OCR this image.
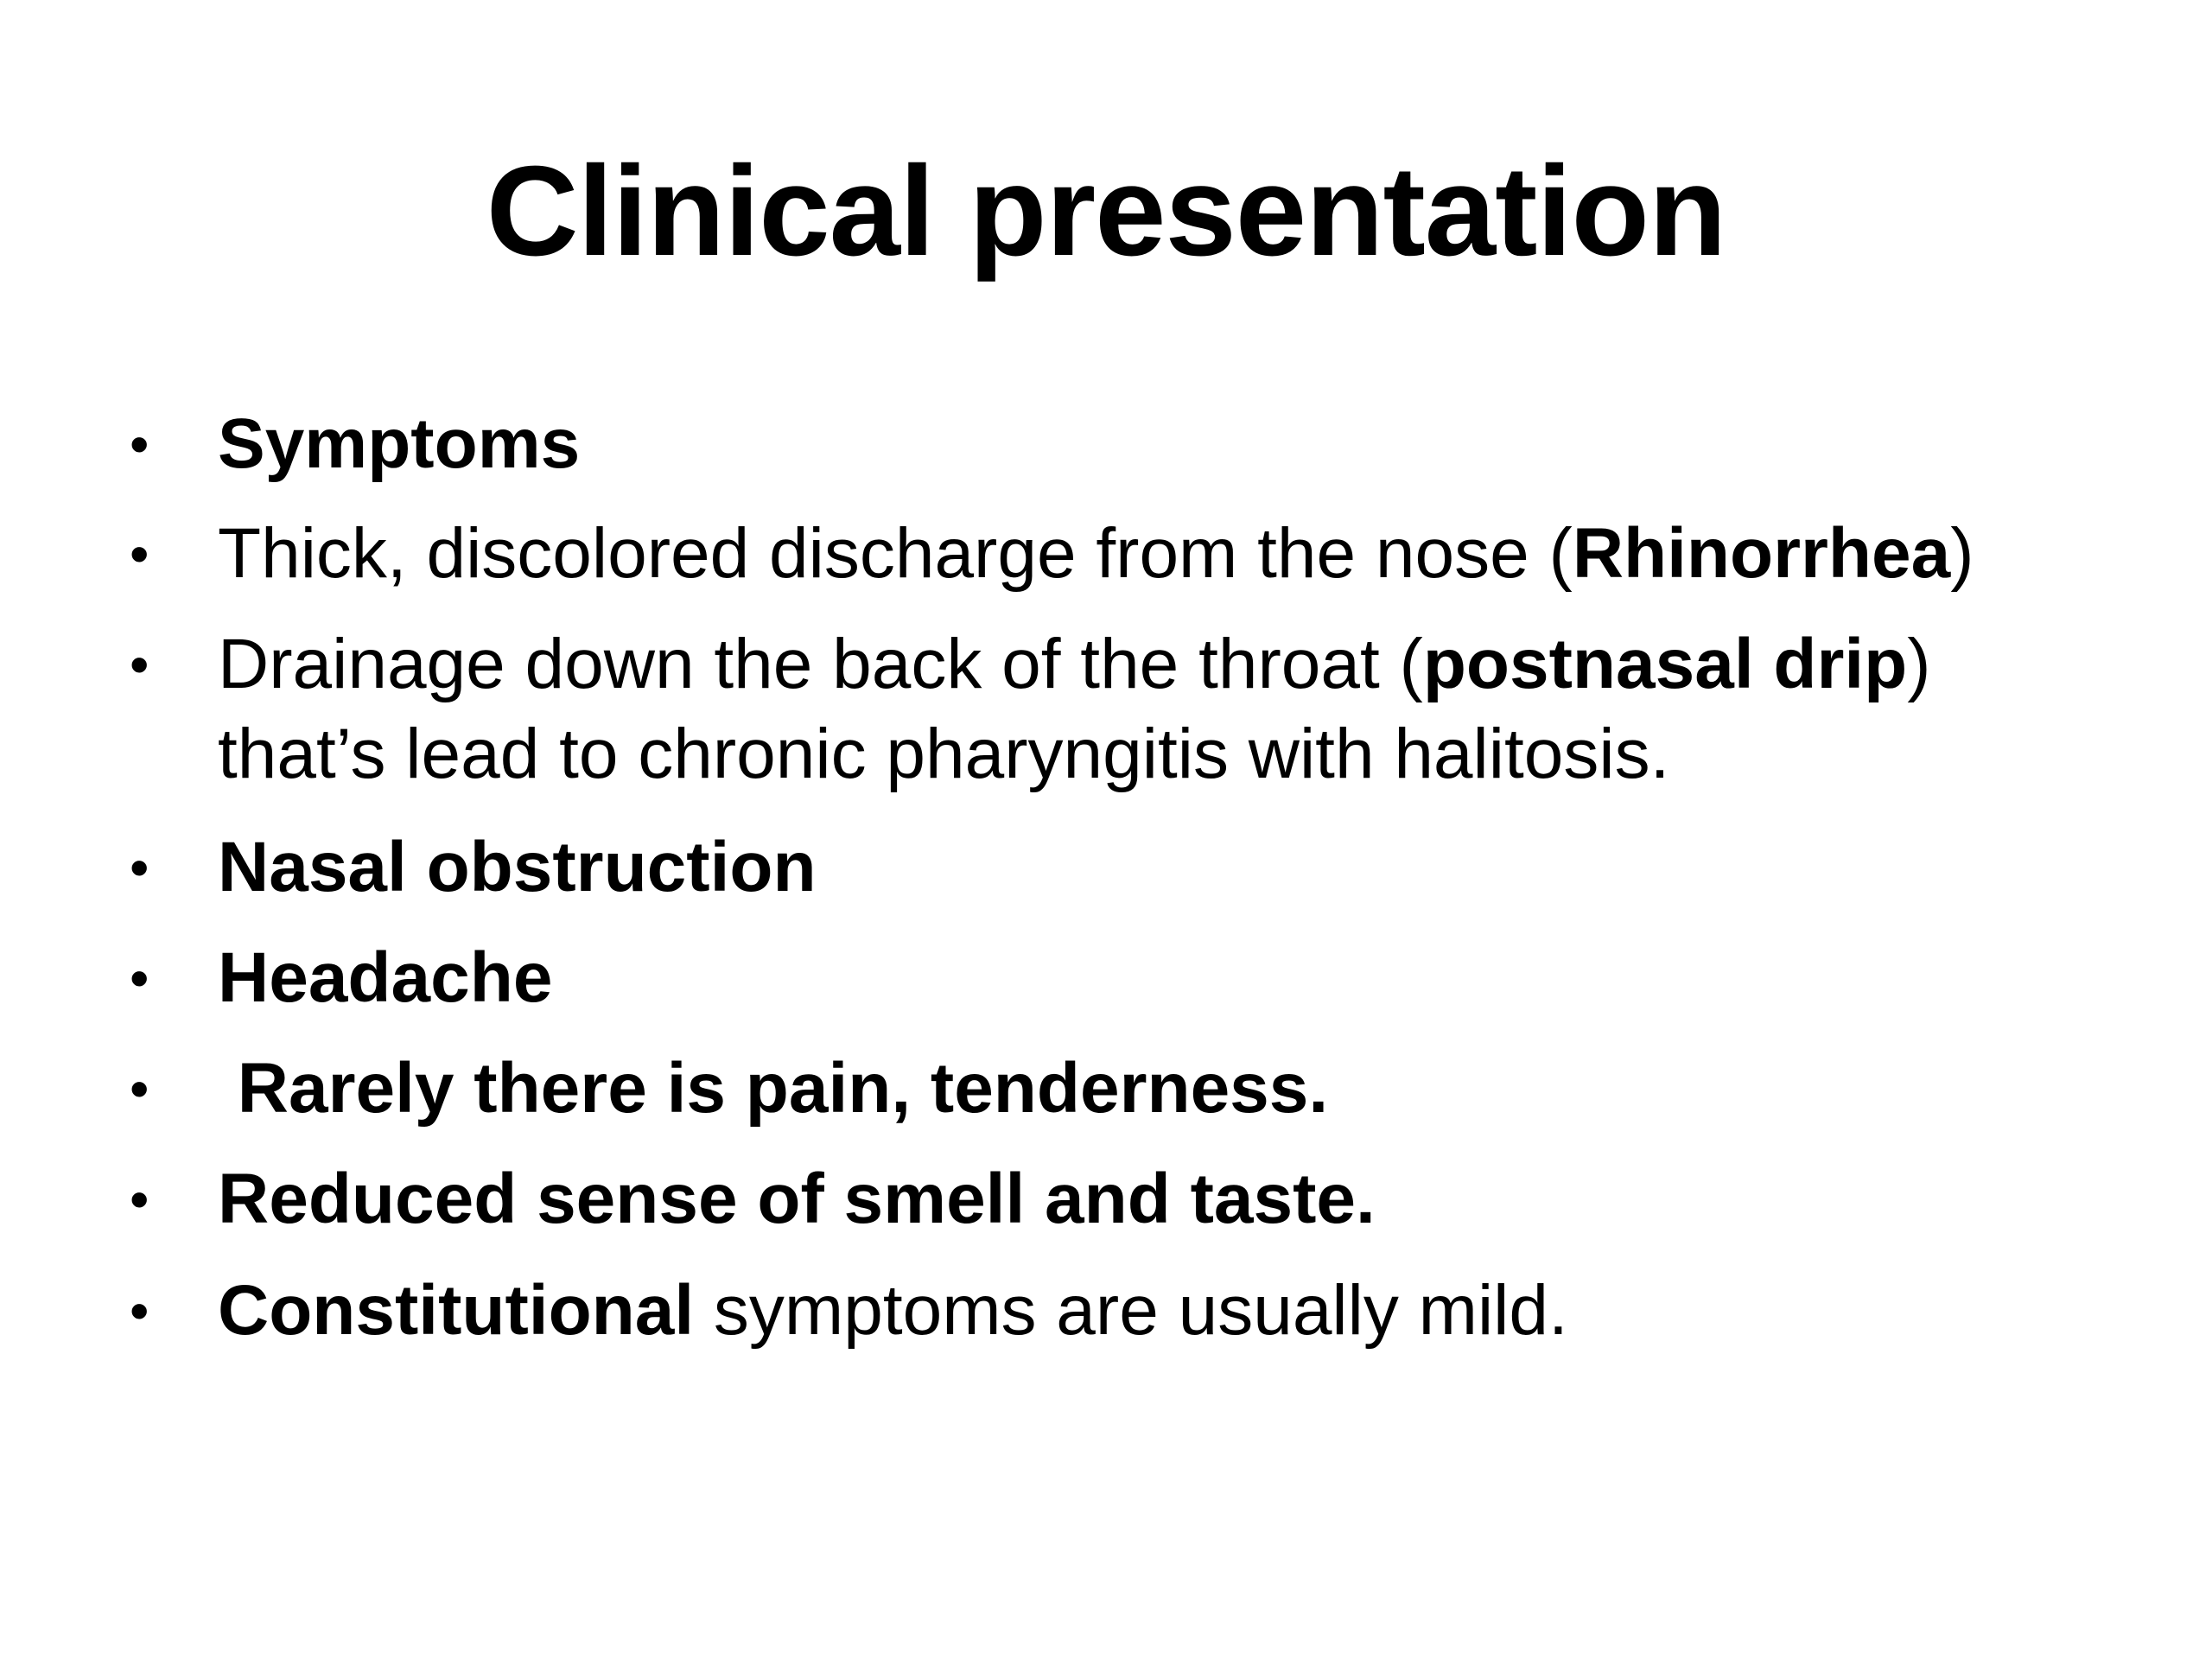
Clinical presentation
• Symptoms
• Thick, discolored discharge from the nose (Rhinorrhea)
• Drainage down the back of the throat (postnasal drip)
that’s lead to chronic pharyngitis with halitosis.
• Nasal obstruction
• Headache
• Rarely there is pain, tenderness.
• Reduced sense of smell and taste.
• Constitutional symptoms are usually mild.
